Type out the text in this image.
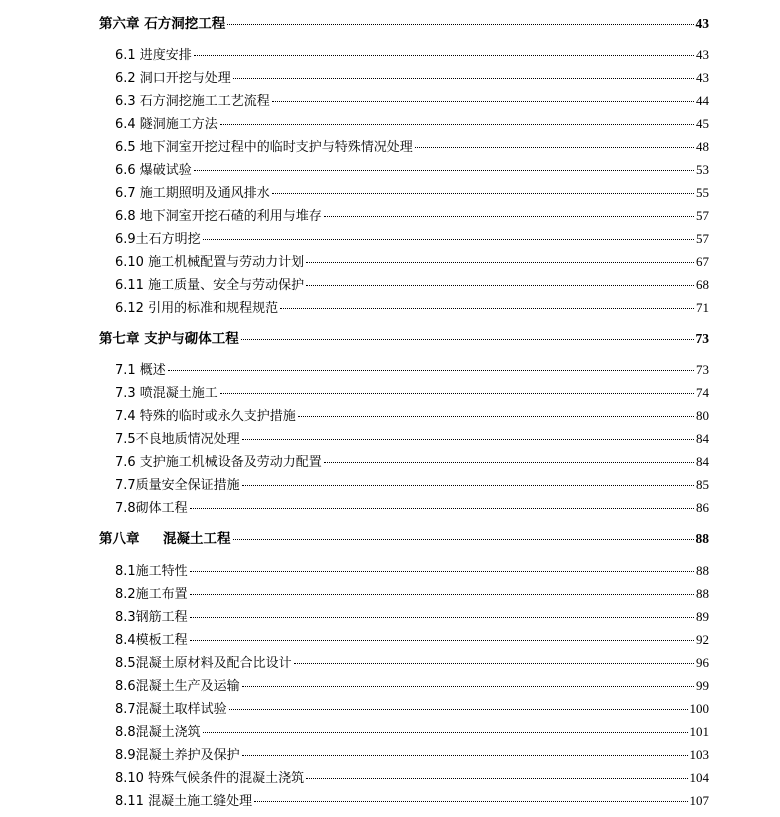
第六章 石方洞挖工程	43
6.1 进度安排	43
6.2 洞口开挖与处理	43
6.3 石方洞挖施工工艺流程	44
6.4 隧洞施工方法	45
6.5 地下洞室开挖过程中的临时支护与特殊情况处理	48
6.6 爆破试验	53
6.7 施工期照明及通风排水	55
6.8 地下洞室开挖石碴的利用与堆存	57
6.9土石方明挖	57
6.10 施工机械配置与劳动力计划	67
6.11 施工质量、安全与劳动保护	68
6.12 引用的标准和规程规范	71
第七章 支护与砌体工程	73
7.1 概述	73
7.3 喷混凝土施工	74
7.4 特殊的临时或永久支护措施	80
7.5不良地质情况处理	84
7.6 支护施工机械设备及劳动力配置	84
7.7质量安全保证措施	85
7.8砌体工程	86
第八章     混凝土工程	88
8.1施工特性	88
8.2施工布置	88
8.3钢筋工程	89
8.4模板工程	92
8.5混凝土原材料及配合比设计	96
8.6混凝土生产及运输	99
8.7混凝土取样试验	100
8.8混凝土浇筑	101
8.9混凝土养护及保护	103
8.10 特殊气候条件的混凝土浇筑	104
8.11 混凝土施工缝处理	107
